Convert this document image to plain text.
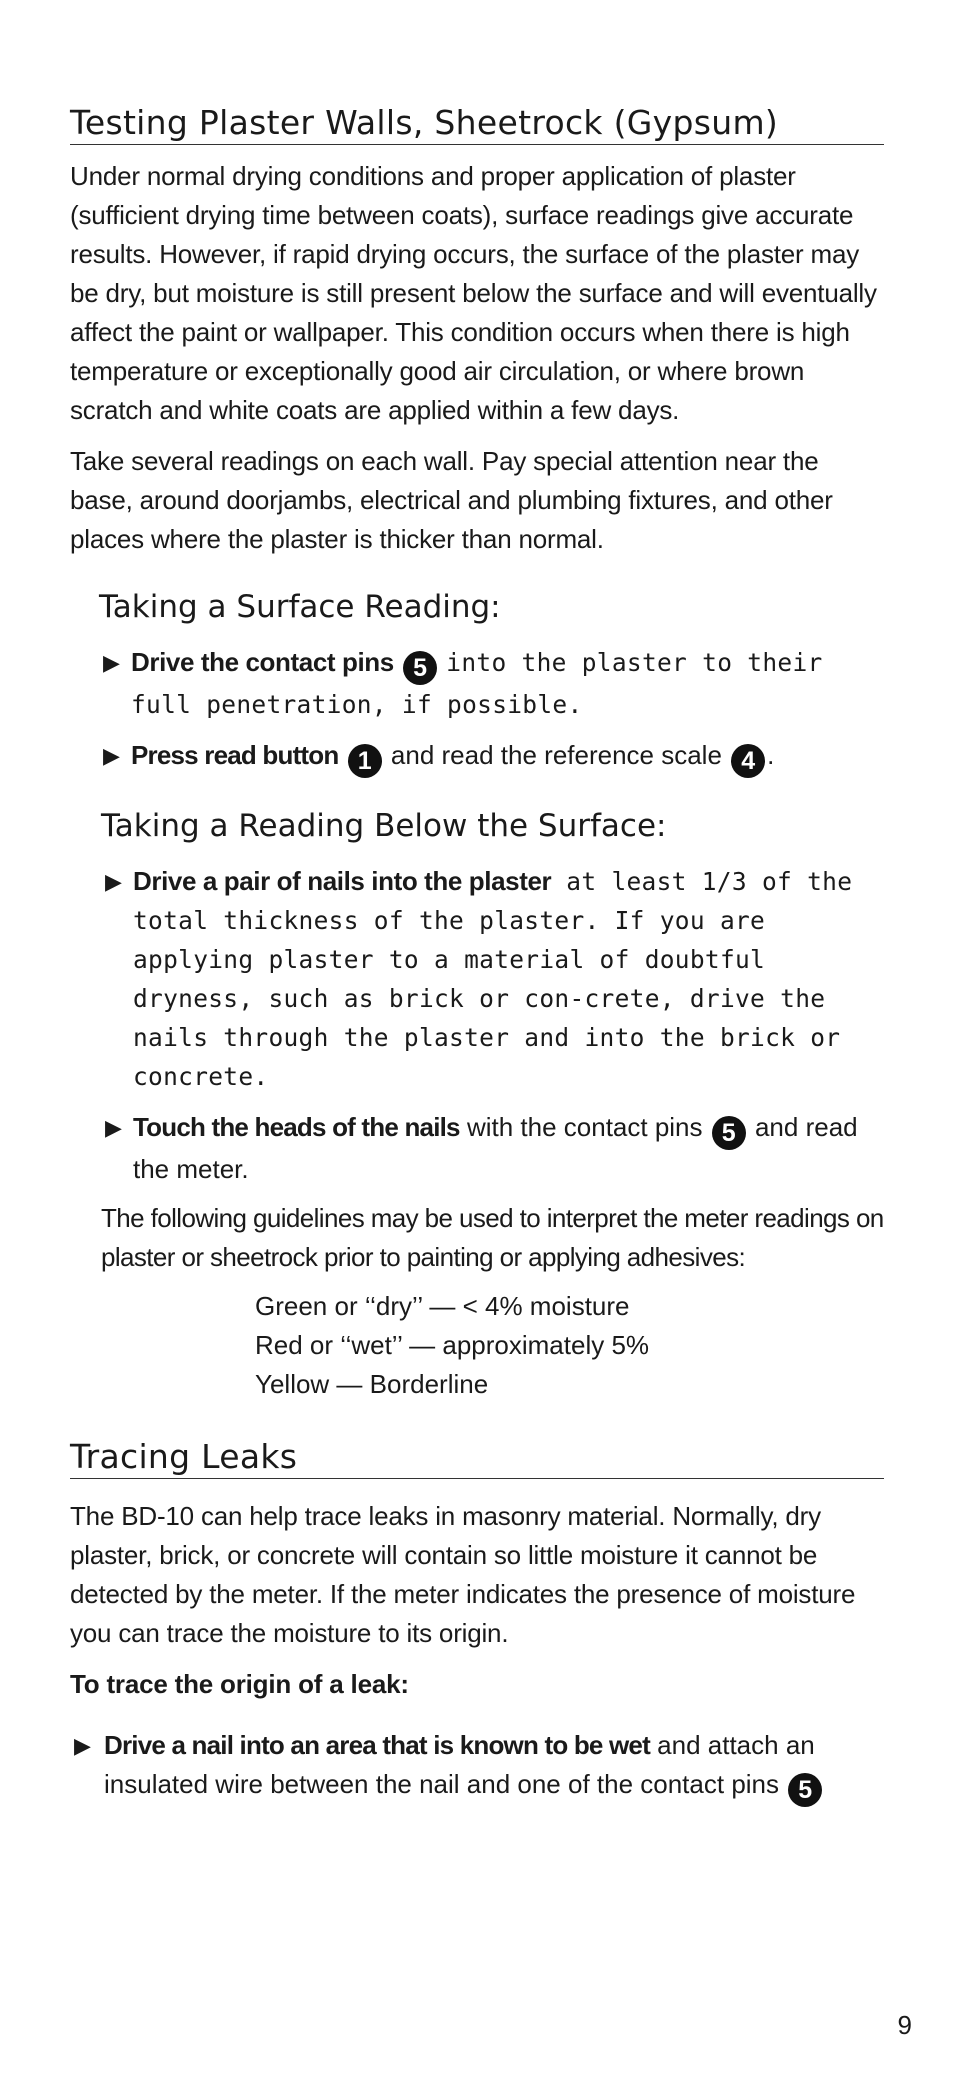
Testing Plaster Walls, Sheetrock (Gypsum)

Under normal drying conditions and proper application of plaster (sufficient drying time between coats), surface readings give accurate results. However, if rapid drying occurs, the surface of the plaster may be dry, but moisture is still present below the surface and will eventually affect the paint or wallpaper. This condition occurs when there is high temperature or exceptionally good air circulation, or where brown scratch and white coats are applied within a few days.

Take several readings on each wall. Pay special attention near the base, around doorjambs, electrical and plumbing fixtures, and other places where the plaster is thicker than normal.

Taking a Surface Reading:
▶ Drive the contact pins 5 into the plaster to their full penetration, if possible.
▶ Press read button 1 and read the reference scale 4 .
Taking a Reading Below the Surface:
▶ Drive a pair of nails into the plaster at least 1/3 of the total thickness of the plaster. If you are applying plaster to a material of doubtful dryness, such as brick or con-crete, drive the nails through the plaster and into the brick or concrete.
▶ Touch the heads of the nails with the contact pins 5 and read the meter.

The following guidelines may be used to interpret the meter readings on plaster or sheetrock prior to painting or applying adhesives:

Green or ‘‘dry’’ — < 4% moisture
Red or ‘‘wet’’ — approximately 5%
Yellow — Borderline
Tracing Leaks

The BD-10 can help trace leaks in masonry material. Normally, dry plaster, brick, or concrete will contain so little moisture it cannot be detected by the meter. If the meter indicates the presence of moisture you can trace the moisture to its origin.

To trace the origin of a leak:

▶ Drive a nail into an area that is known to be wet and attach an insulated wire between the nail and one of the contact pins 5
9
